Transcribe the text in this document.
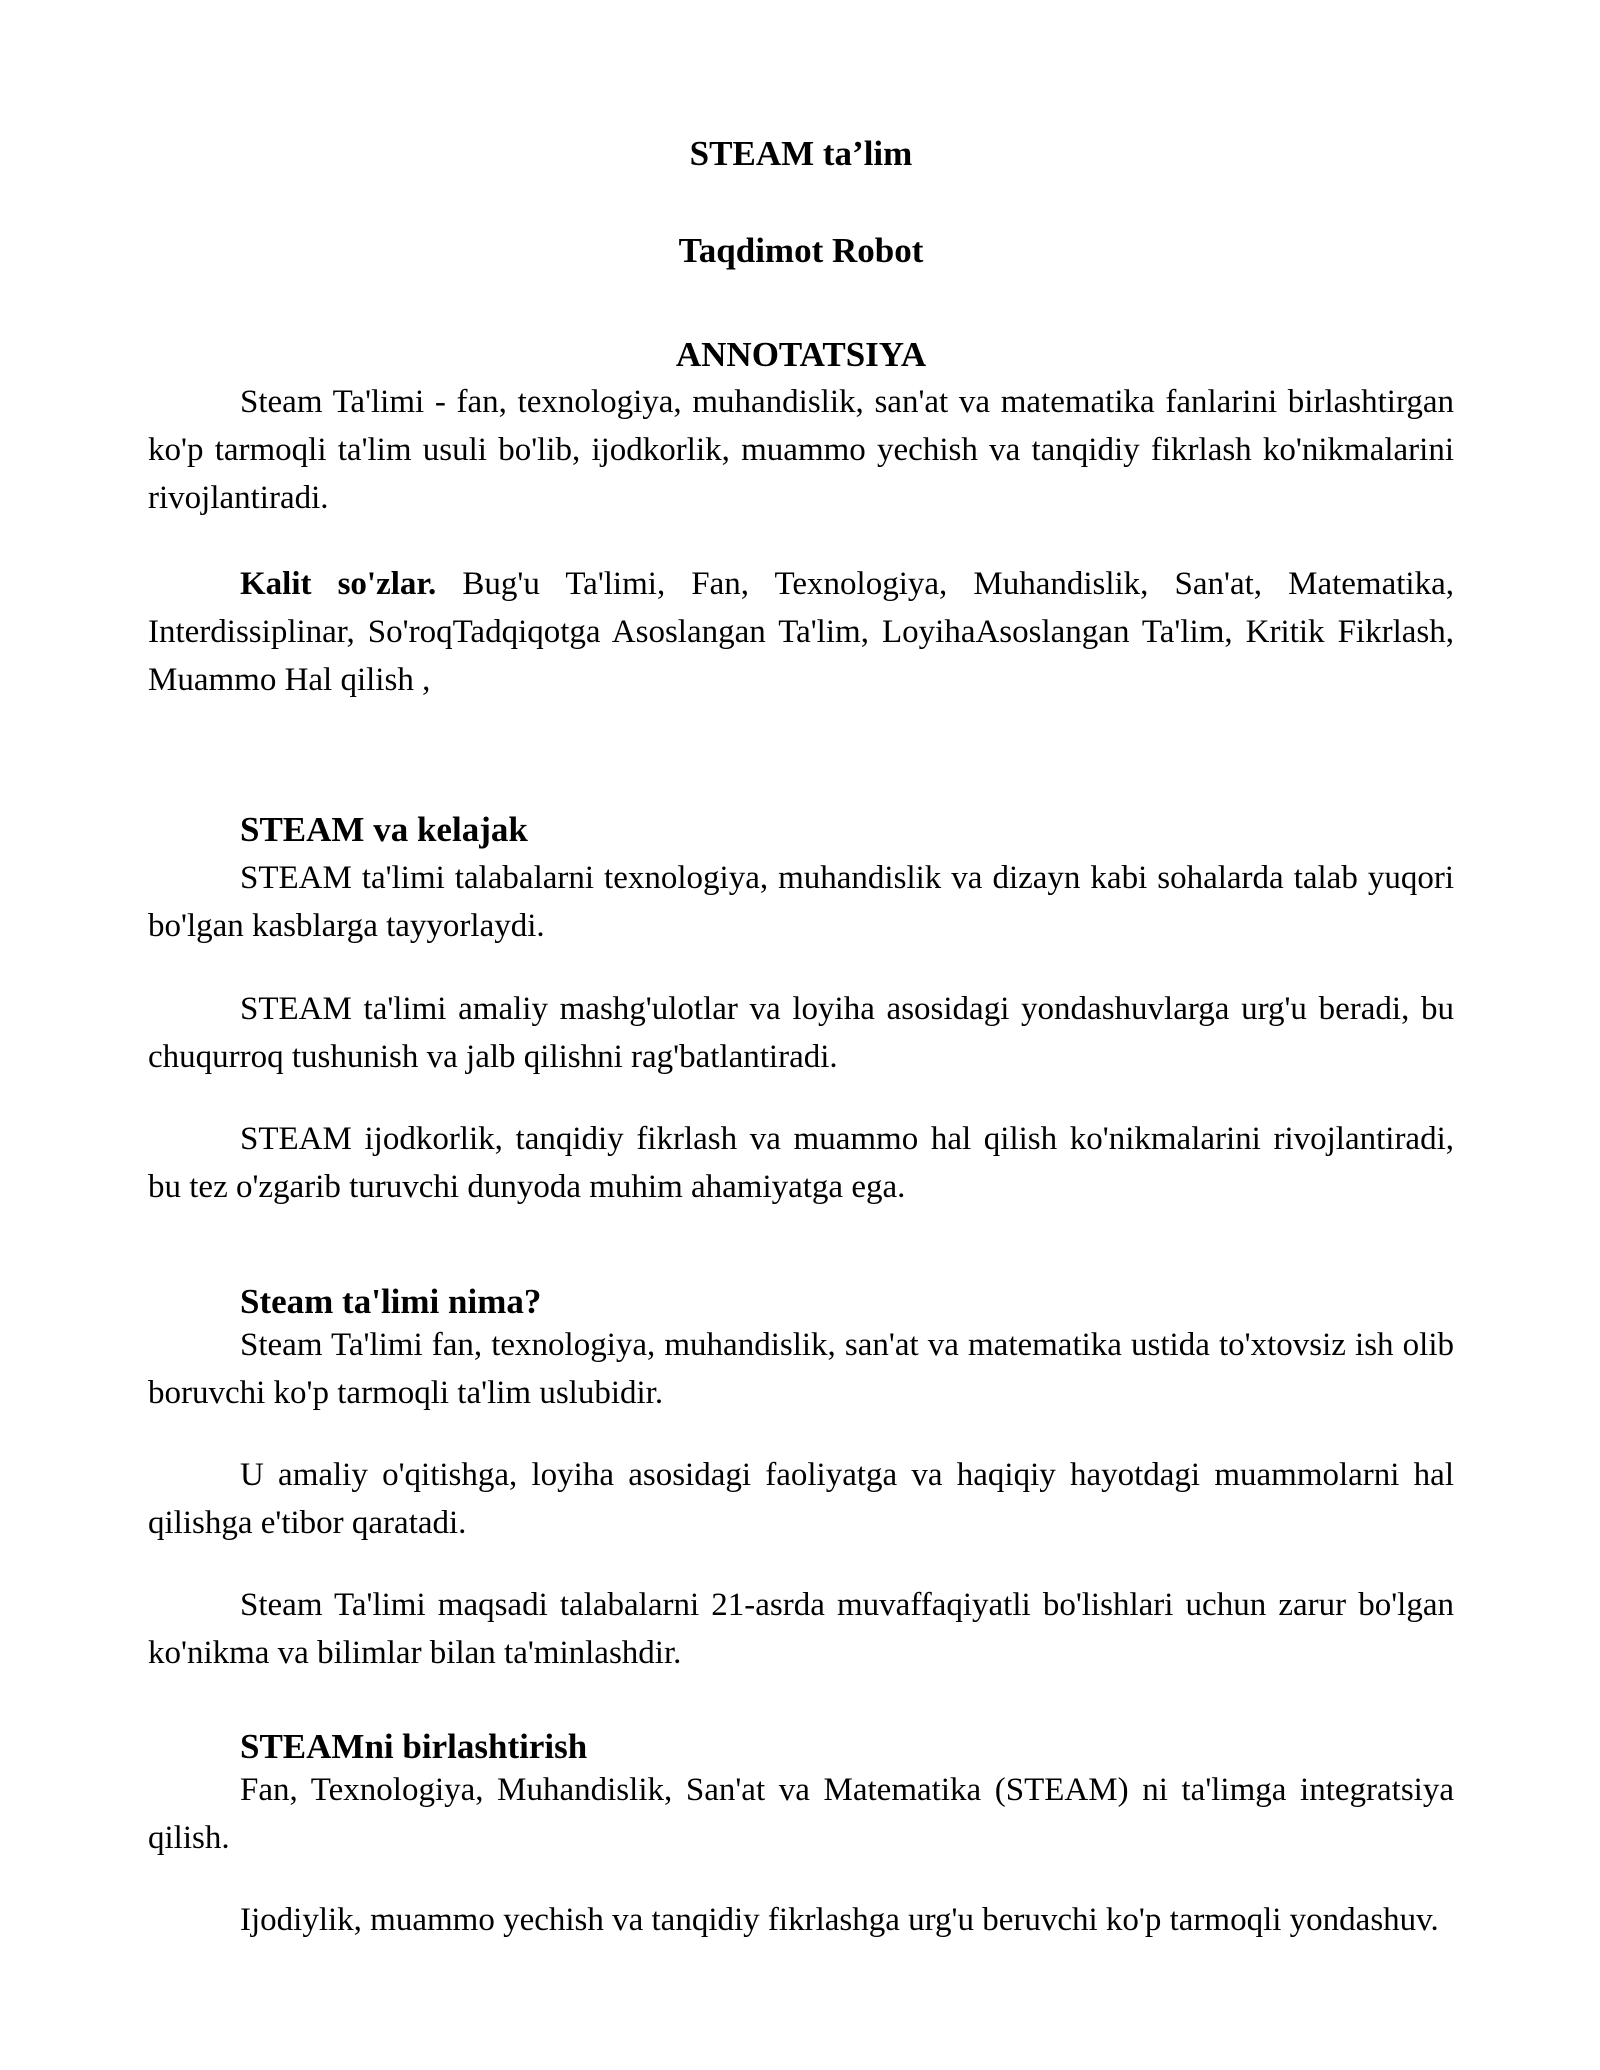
STEAM ta’lim
Taqdimot Robot
ANNOTATSIYA
Steam Ta'limi - fan, texnologiya, muhandislik, san'at va matematika fanlarini birlashtirgan ko'p tarmoqli ta'lim usuli bo'lib, ijodkorlik, muammo yechish va tanqidiy fikrlash ko'nikmalarini rivojlantiradi.
Kalit so'zlar. Bug'u Ta'limi, Fan, Texnologiya, Muhandislik, San'at, Matematika, Interdissiplinar, So'roqTadqiqotga Asoslangan Ta'lim, LoyihaAsoslangan Ta'lim, Kritik Fikrlash, Muammo Hal qilish ,
STEAM va kelajak
STEAM ta'limi talabalarni texnologiya, muhandislik va dizayn kabi sohalarda talab yuqori bo'lgan kasblarga tayyorlaydi.
STEAM ta'limi amaliy mashg'ulotlar va loyiha asosidagi yondashuvlarga urg'u beradi, bu chuqurroq tushunish va jalb qilishni rag'batlantiradi.
STEAM ijodkorlik, tanqidiy fikrlash va muammo hal qilish ko'nikmalarini rivojlantiradi, bu tez o'zgarib turuvchi dunyoda muhim ahamiyatga ega.
Steam ta'limi nima?
Steam Ta'limi fan, texnologiya, muhandislik, san'at va matematika ustida to'xtovsiz ish olib boruvchi ko'p tarmoqli ta'lim uslubidir.
U amaliy o'qitishga, loyiha asosidagi faoliyatga va haqiqiy hayotdagi muammolarni hal qilishga e'tibor qaratadi.
Steam Ta'limi maqsadi talabalarni 21-asrda muvaffaqiyatli bo'lishlari uchun zarur bo'lgan ko'nikma va bilimlar bilan ta'minlashdir.
STEAMni birlashtirish
Fan, Texnologiya, Muhandislik, San'at va Matematika (STEAM) ni ta'limga integratsiya qilish.
Ijodiylik, muammo yechish va tanqidiy fikrlashga urg'u beruvchi ko'p tarmoqli yondashuv.
